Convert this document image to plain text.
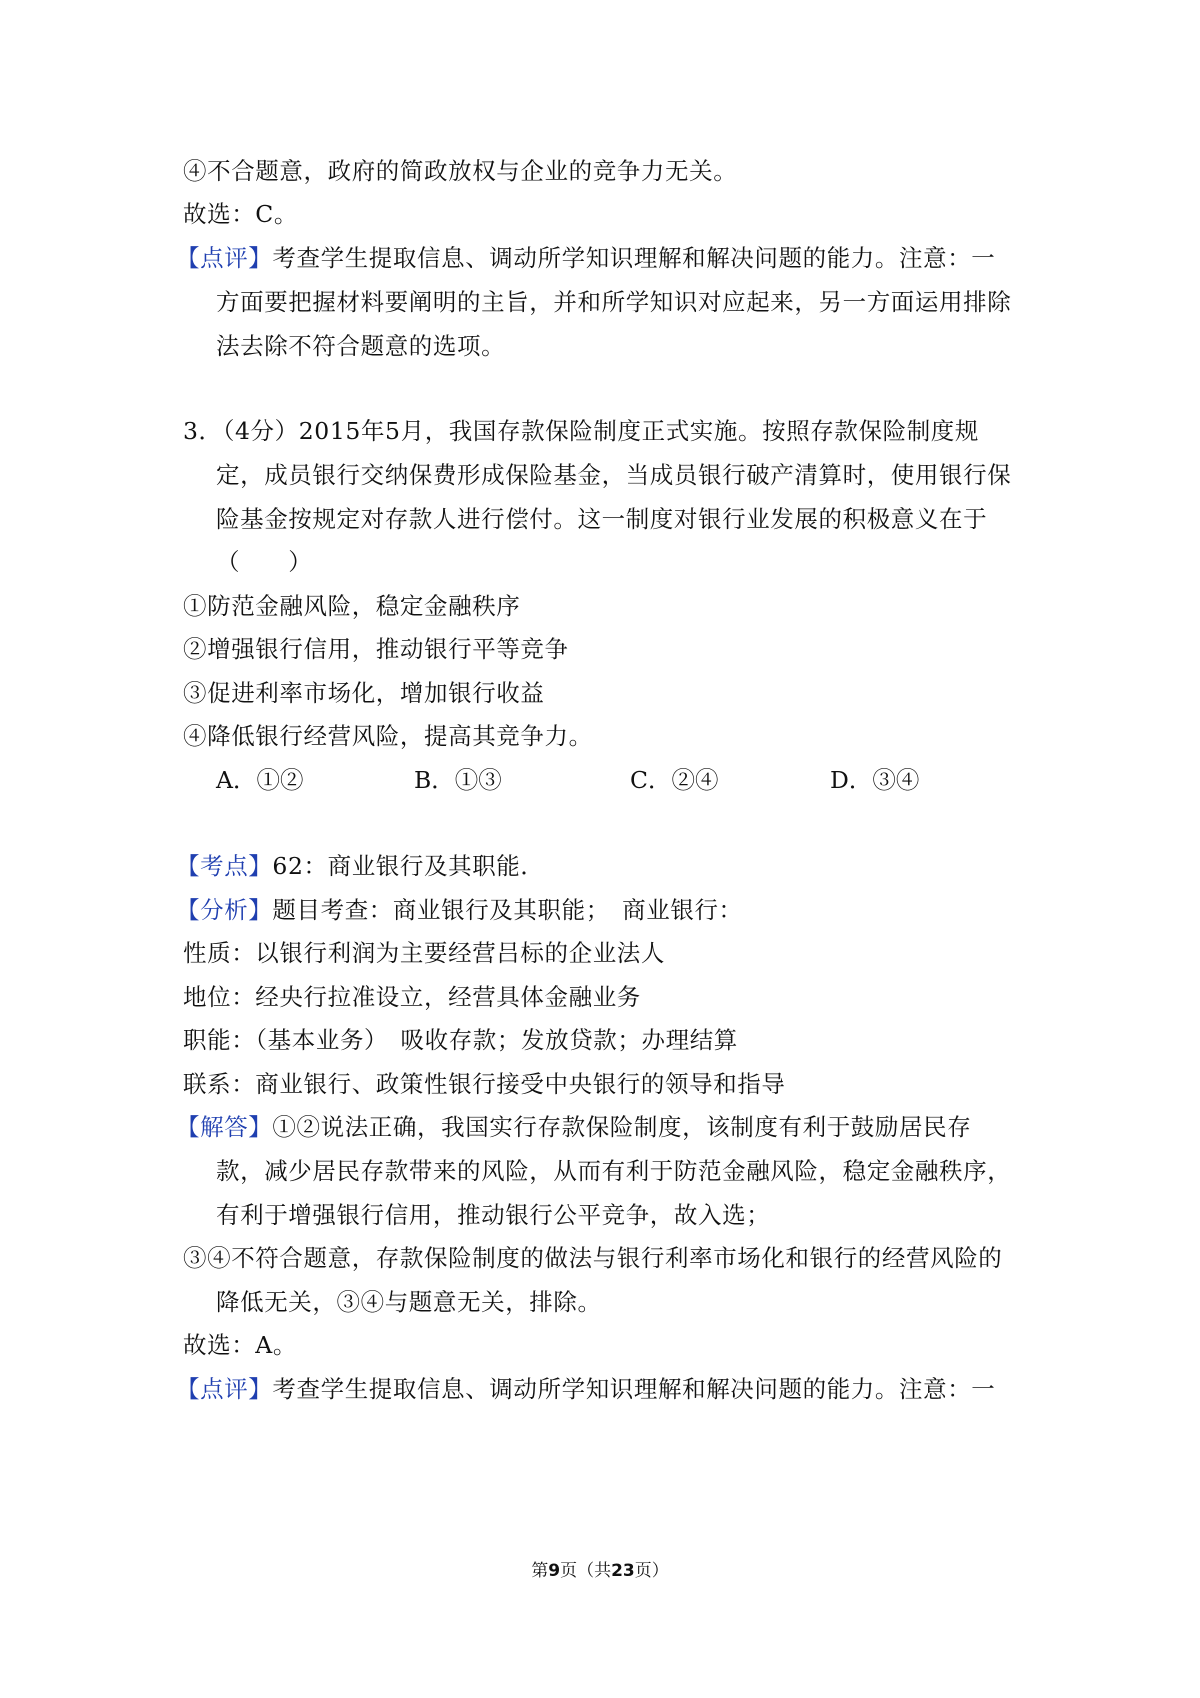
④不合题意，政府的简政放权与企业的竞争力无关。
故选：C。
【点评】考查学生提取信息、调动所学知识理解和解决问题的能力。注意：一
方面要把握材料要阐明的主旨，并和所学知识对应起来，另一方面运用排除
法去除不符合题意的选项。
3．（4分）2015年5月，我国存款保险制度正式实施。按照存款保险制度规
定，成员银行交纳保费形成保险基金，当成员银行破产清算时，使用银行保
险基金按规定对存款人进行偿付。这一制度对银行业发展的积极意义在于
（　　）
①防范金融风险，稳定金融秩序
②增强银行信用，推动银行平等竞争
③促进利率市场化，增加银行收益
④降低银行经营风险，提高其竞争力。
A．①②	B．①③	C．②④	D．③④
【考点】62：商业银行及其职能．
【分析】题目考查：商业银行及其职能；　商业银行：
性质：以银行利润为主要经营吕标的企业法人
地位：经央行拉准设立，经营具体金融业务
职能：（基本业务）　吸收存款；发放贷款；办理结算
联系：商业银行、政策性银行接受中央银行的领导和指导
【解答】①②说法正确，我国实行存款保险制度，该制度有利于鼓励居民存
款，减少居民存款带来的风险，从而有利于防范金融风险，稳定金融秩序，
有利于增强银行信用，推动银行公平竞争，故入选；
③④不符合题意，存款保险制度的做法与银行利率市场化和银行的经营风险的
降低无关，③④与题意无关，排除。
故选：A。
【点评】考查学生提取信息、调动所学知识理解和解决问题的能力。注意：一
第9页（共23页）
